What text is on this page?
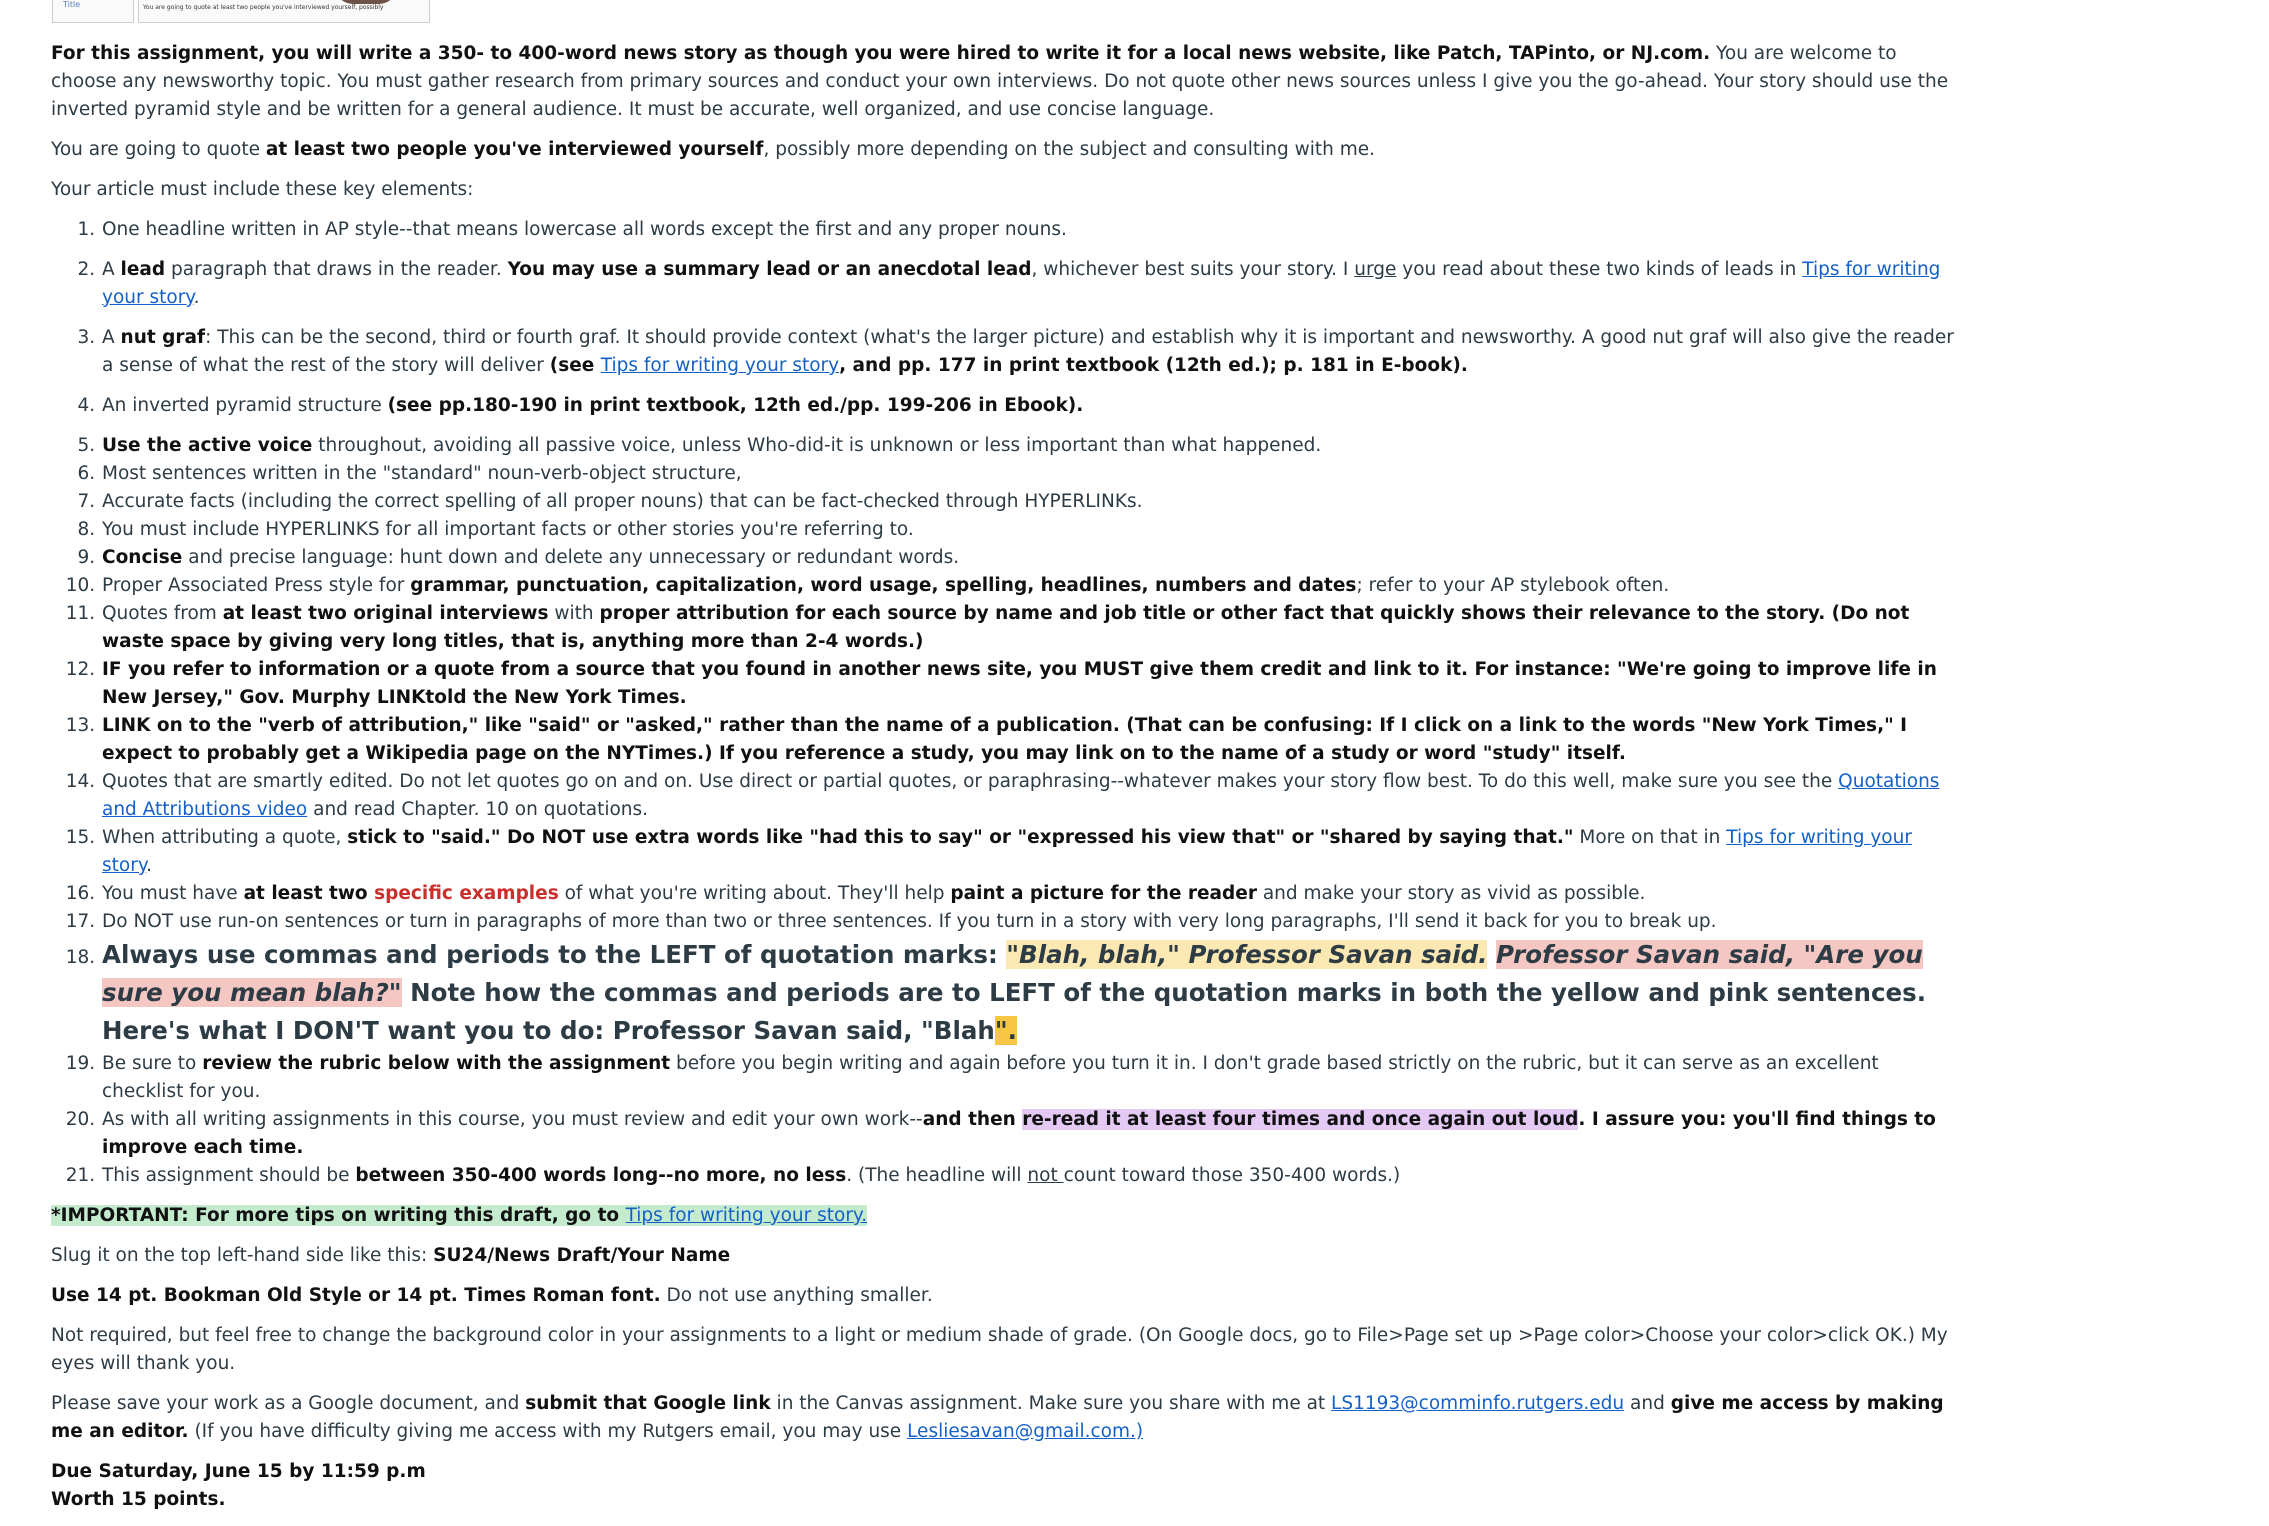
Title	You are going to quote at least two people you've interviewed yourself, possibly

For this assignment, you will write a 350- to 400-word news story as though you were hired to write it for a local news website, like Patch, TAPinto, or NJ.com. You are welcome to choose any newsworthy topic. You must gather research from primary sources and conduct your own interviews. Do not quote other news sources unless I give you the go-ahead. Your story should use the inverted pyramid style and be written for a general audience. It must be accurate, well organized, and use concise language.

You are going to quote at least two people you've interviewed yourself, possibly more depending on the subject and consulting with me.

Your article must include these key elements:

1. One headline written in AP style--that means lowercase all words except the first and any proper nouns.
2. A lead paragraph that draws in the reader. You may use a summary lead or an anecdotal lead, whichever best suits your story. I urge you read about these two kinds of leads in Tips for writing your story.
3. A nut graf: This can be the second, third or fourth graf. It should provide context (what's the larger picture) and establish why it is important and newsworthy. A good nut graf will also give the reader a sense of what the rest of the story will deliver (see Tips for writing your story, and pp. 177 in print textbook (12th ed.); p. 181 in E-book).
4. An inverted pyramid structure (see pp.180-190 in print textbook, 12th ed./pp. 199-206 in Ebook).
5. Use the active voice throughout, avoiding all passive voice, unless Who-did-it is unknown or less important than what happened.
6. Most sentences written in the "standard" noun-verb-object structure,
7. Accurate facts (including the correct spelling of all proper nouns) that can be fact-checked through HYPERLINKs.
8. You must include HYPERLINKS for all important facts or other stories you're referring to.
9. Concise and precise language: hunt down and delete any unnecessary or redundant words.
10. Proper Associated Press style for grammar, punctuation, capitalization, word usage, spelling, headlines, numbers and dates; refer to your AP stylebook often.
11. Quotes from at least two original interviews with proper attribution for each source by name and job title or other fact that quickly shows their relevance to the story. (Do not waste space by giving very long titles, that is, anything more than 2-4 words.)
12. IF you refer to information or a quote from a source that you found in another news site, you MUST give them credit and link to it. For instance: "We're going to improve life in New Jersey," Gov. Murphy LINKtold the New York Times.
13. LINK on to the "verb of attribution," like "said" or "asked," rather than the name of a publication. (That can be confusing: If I click on a link to the words "New York Times," I expect to probably get a Wikipedia page on the NYTimes.) If you reference a study, you may link on to the name of a study or word "study" itself.
14. Quotes that are smartly edited. Do not let quotes go on and on. Use direct or partial quotes, or paraphrasing--whatever makes your story flow best. To do this well, make sure you see the Quotations and Attributions video and read Chapter. 10 on quotations.
15. When attributing a quote, stick to "said." Do NOT use extra words like "had this to say" or "expressed his view that" or "shared by saying that." More on that in Tips for writing your story.
16. You must have at least two specific examples of what you're writing about. They'll help paint a picture for the reader and make your story as vivid as possible.
17. Do NOT use run-on sentences or turn in paragraphs of more than two or three sentences. If you turn in a story with very long paragraphs, I'll send it back for you to break up.
18. Always use commas and periods to the LEFT of quotation marks: "Blah, blah," Professor Savan said. Professor Savan said, "Are you sure you mean blah?" Note how the commas and periods are to LEFT of the quotation marks in both the yellow and pink sentences. Here's what I DON'T want you to do: Professor Savan said, "Blah".
19. Be sure to review the rubric below with the assignment before you begin writing and again before you turn it in. I don't grade based strictly on the rubric, but it can serve as an excellent checklist for you.
20. As with all writing assignments in this course, you must review and edit your own work--and then re-read it at least four times and once again out loud. I assure you: you'll find things to improve each time.
21. This assignment should be between 350-400 words long--no more, no less. (The headline will not count toward those 350-400 words.)

*IMPORTANT: For more tips on writing this draft, go to Tips for writing your story.

Slug it on the top left-hand side like this: SU24/News Draft/Your Name

Use 14 pt. Bookman Old Style or 14 pt. Times Roman font. Do not use anything smaller.

Not required, but feel free to change the background color in your assignments to a light or medium shade of grade. (On Google docs, go to File>Page set up >Page color>Choose your color>click OK.) My eyes will thank you.

Please save your work as a Google document, and submit that Google link in the Canvas assignment. Make sure you share with me at LS1193@comminfo.rutgers.edu and give me access by making me an editor. (If you have difficulty giving me access with my Rutgers email, you may use Lesliesavan@gmail.com.)

Due Saturday, June 15 by 11:59 p.m
Worth 15 points.
